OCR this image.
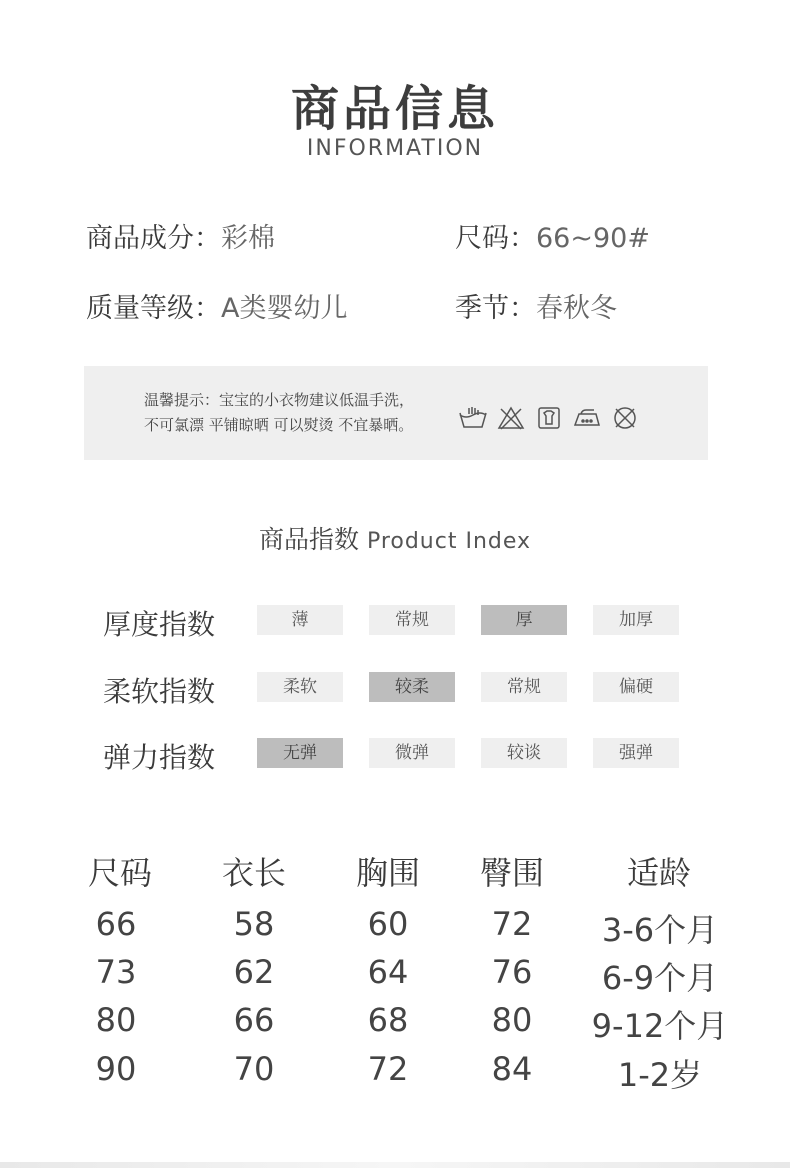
商品信息
INFORMATION
商品成分：彩棉	尺码：66~90#
质量等级：A类婴幼儿	季节：春秋冬
温馨提示：宝宝的小衣物建议低温手洗，
不可氯漂 平铺晾晒 可以熨烫 不宜暴晒。
商品指数 Product Index
厚度指数	薄	常规	厚	加厚
柔软指数	柔软	较柔	常规	偏硬
弹力指数	无弹	微弹	较谈	强弹
尺码	衣长	胸围	臀围	适龄
66	58	60	72	3-6个月
73	62	64	76	6-9个月
80	66	68	80	9-12个月
90	70	72	84	1-2岁
